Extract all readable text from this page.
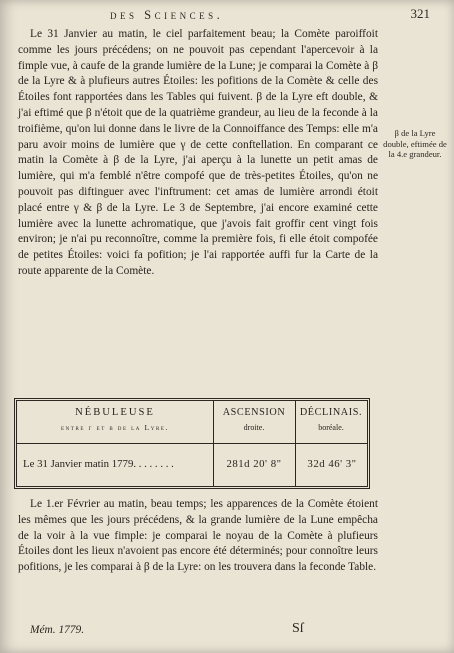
des Sciences.	321

Le 31 Janvier au matin, le ciel parfaitement beau; la Comète paroiffoit comme les jours précédens; on ne pouvoit pas cependant l'apercevoir à la fimple vue, à caufe de la grande lumière de la Lune; je comparai la Comète à β de la Lyre & à plufieurs autres Étoiles: les pofitions de la Comète & celle des Étoiles font rapportées dans les Tables qui fuivent. β de la Lyre eft double, & j'ai eftimé que β n'étoit que de la quatrième grandeur, au lieu de la feconde à la troifième, qu'on lui donne dans le livre de la Connoiffance des Temps: elle m'a paru avoir moins de lumière que γ de cette conftellation. En comparant ce matin la Comète à β de la Lyre, j'ai aperçu à la lunette un petit amas de lumière, qui m'a femblé n'être compofé que de très-petites Étoiles, qu'on ne pouvoit pas diftinguer avec l'inftrument: cet amas de lumière arrondi étoit placé entre γ & β de la Lyre. Le 3 de Septembre, j'ai encore examiné cette lumière avec la lunette achromatique, que j'avois fait groffir cent vingt fois environ; je n'ai pu reconnoître, comme la première fois, fi elle étoit compofée de petites Étoiles: voici fa pofition; je l'ai rapportée auffi fur la Carte de la route apparente de la Comète.

β de la Lyre double, eftimée de la 4.e grandeur.
NÉBULEUSE
entre γ et β de la Lyre.
Le 31 Janvier matin 1779. . . . . . . .
ASCENSION
droite.
281d 20' 8"
DÉCLINAIS.
boréale.
32d 46' 3"

Le 1.er Février au matin, beau temps; les apparences de la Comète étoient les mêmes que les jours précédens, & la grande lumière de la Lune empêcha de la voir à la vue fimple: je comparai le noyau de la Comète à plufieurs Étoiles dont les lieux n'avoient pas encore été déterminés; pour connoître leurs pofitions, je les comparai à β de la Lyre: on les trouvera dans la feconde Table.

Mém. 1779.	Sſ
